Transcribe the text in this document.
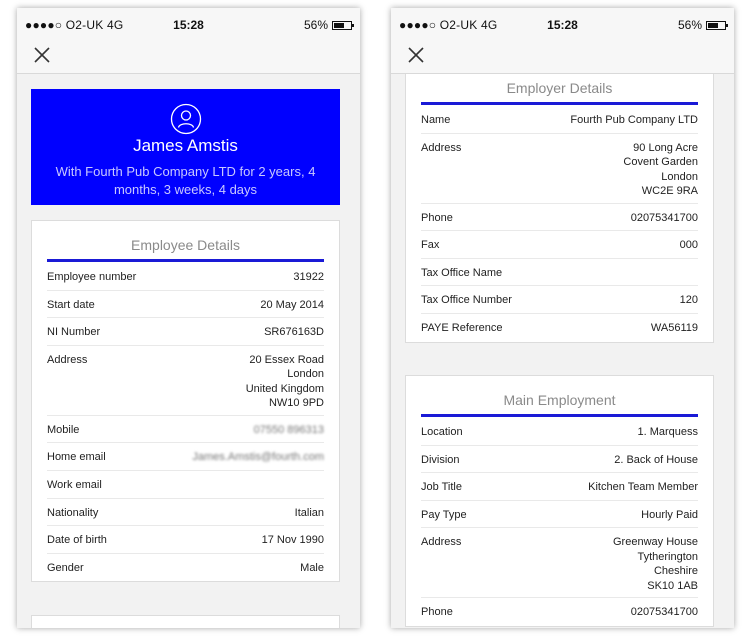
●●●●○ O2-UK 4G	15:28	56%
James Amstis
With Fourth Pub Company LTD for 2 years, 4 months, 3 weeks, 4 days
Employee Details
Employee number	31922
Start date	20 May 2014
NI Number	SR676163D
Address	20 Essex Road
London
United Kingdom
NW10 9PD
Mobile	07550 896313
Home email	James.Amstis@fourth.com
Work email
Nationality	Italian
Date of birth	17 Nov 1990
Gender	Male
●●●●○ O2-UK 4G	15:28	56%
Employer Details
Name	Fourth Pub Company LTD
Address	90 Long Acre
Covent Garden
London
WC2E 9RA
Phone	02075341700
Fax	000
Tax Office Name
Tax Office Number	120
PAYE Reference	WA56119
Main Employment
Location	1. Marquess
Division	2. Back of House
Job Title	Kitchen Team Member
Pay Type	Hourly Paid
Address	Greenway House
Tytherington
Cheshire
SK10 1AB
Phone	02075341700
